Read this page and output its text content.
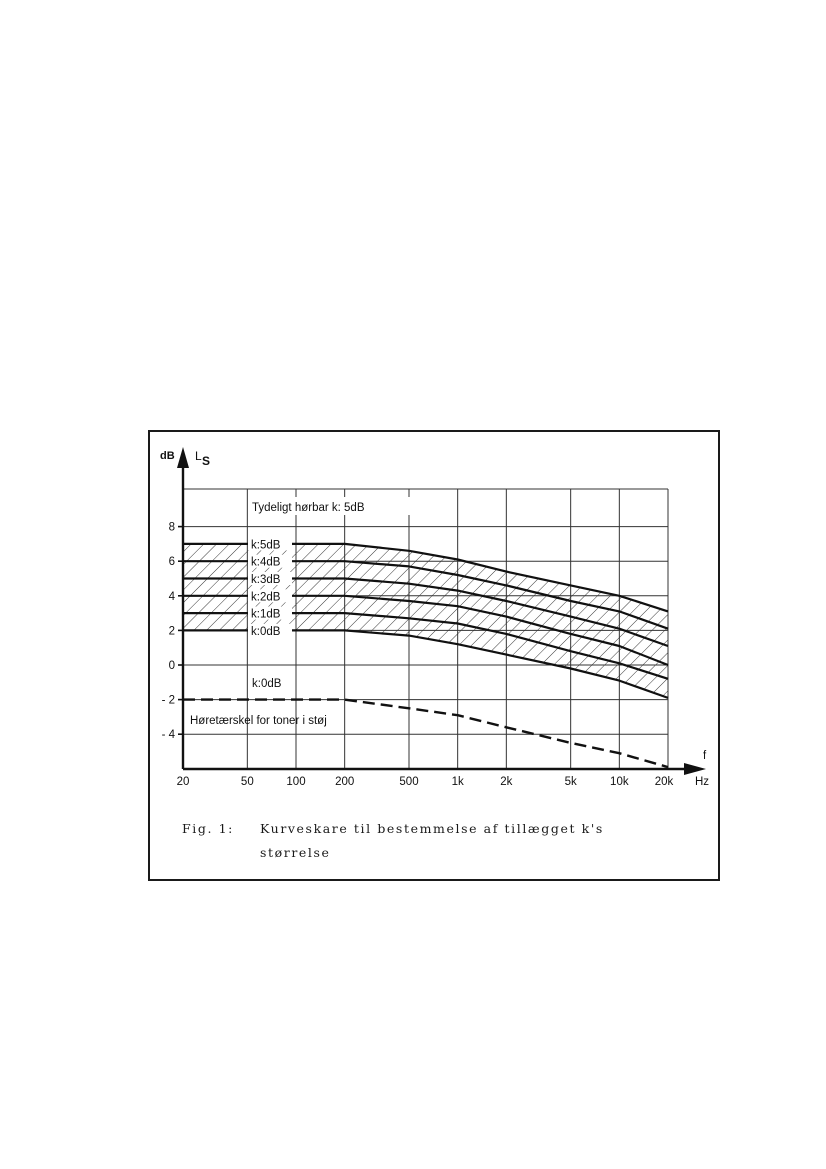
8
6
4
2
0
- 2
- 4
20	50	100	200	500	1k	2k	5k	10k 20k
dB L S
f
Hz
k:5dB
k:4dB
k:3dB
k:2dB
k:1dB
k:0dB
Tydeligt hørbar k: 5dB
k:0dB
Høretærskel for toner i støj
Fig. 1: Kurveskare til bestemmelse af tillægget k's
størrelse
